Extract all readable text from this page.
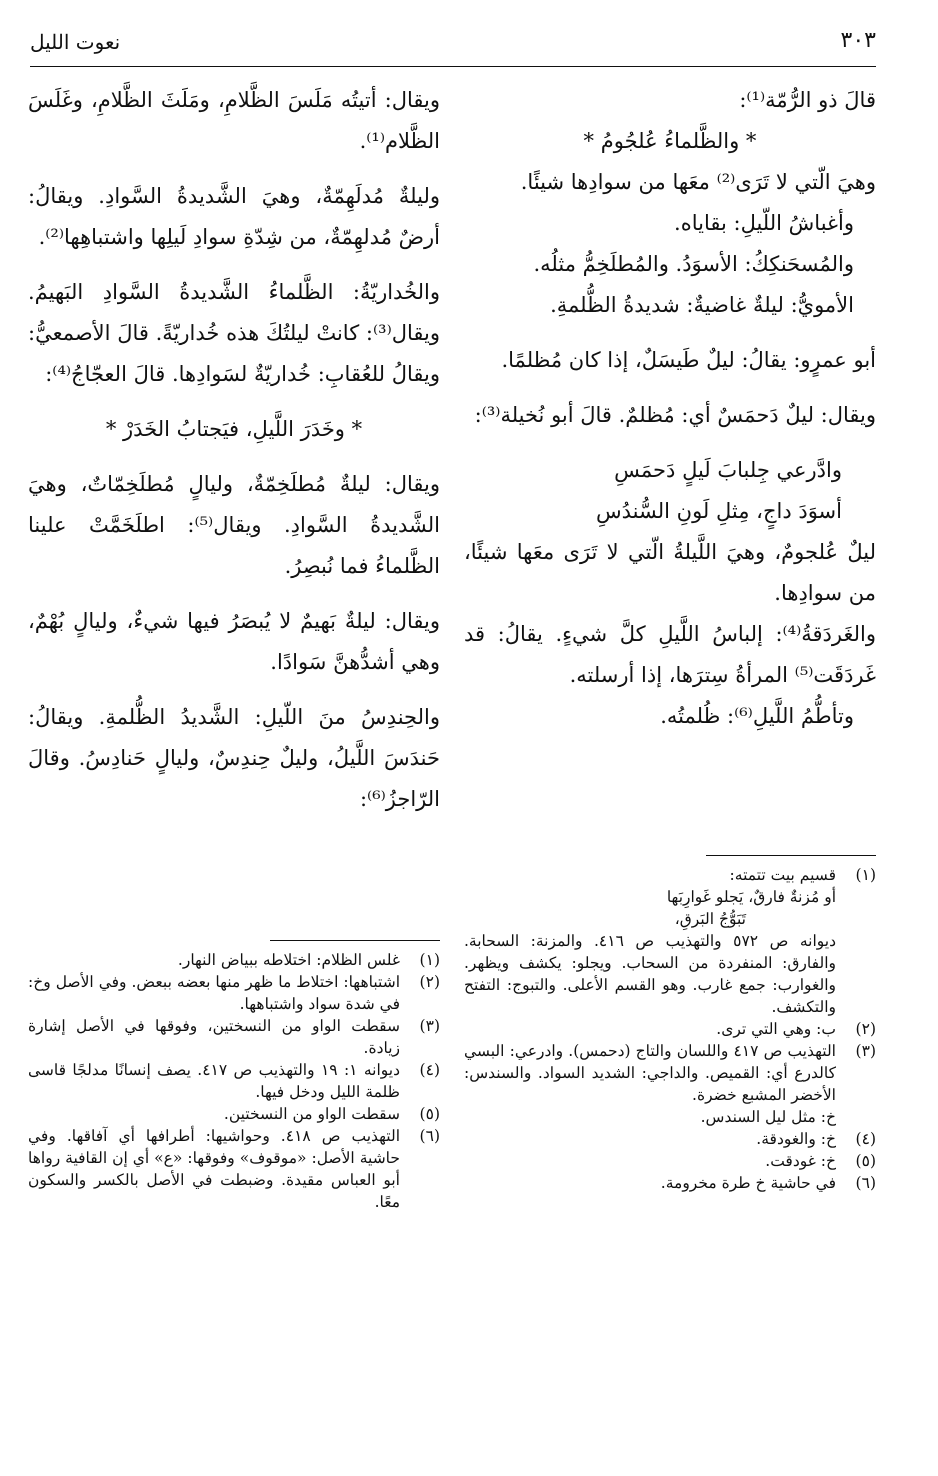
٣٠٣
نعوت الليل

قالَ ذو الرُّمّة⁽¹⁾:

* والظَّلماءُ عُلجُومُ *

وهيَ الّتي لا تَرَى⁽²⁾ معَها من سوادِها شيئًا.

وأغباشُ اللّيلِ: بقاياه.

والمُسحَنكِكُ: الأسوَدُ. والمُطلَخِمُّ مثلُه.

الأمويُّ: ليلةٌ غاضيةٌ: شديدةُ الظُّلمةِ.

أبو عمرٍو: يقالُ: ليلٌ طَيسَلٌ، إذا كان مُظلمًا.

ويقال: ليلٌ دَحمَسٌ أي: مُظلمٌ. قالَ أبو نُخيلة⁽³⁾:

وادَّرعي جِلبابَ لَيلٍ دَحمَسِ

أسوَدَ داجٍ، مِثلِ لَونِ السُّندُسِ

ليلٌ عُلجومٌ، وهيَ اللَّيلةُ الّتي لا تَرَى معَها شيئًا، من سوادِها.

والغَردَقةُ⁽⁴⁾: إلباسُ اللَّيلِ كلَّ شيءٍ. يقالُ: قد غَردَقَت⁽⁵⁾ المرأةُ سِترَها، إذا أرسلته.

وتأطُّمُ اللَّيلِ⁽⁶⁾: ظُلمتُه.

ويقال: أتيتُه مَلَسَ الظَّلامِ، ومَلَثَ الظَّلامِ، وغَلَسَ الظَّلام⁽¹⁾.

وليلةٌ مُدلَهِمّةٌ، وهيَ الشَّديدةُ السَّوادِ. ويقالُ: أرضٌ مُدلهِمّةٌ، من شِدّةِ سوادِ لَيلِها واشتباهِها⁽²⁾.

والخُداريّةُ: الظَّلماءُ الشَّديدةُ السَّوادِ البَهيمُ. ويقال⁽³⁾: كانتْ ليلتُكَ هذه خُداريّةً. قالَ الأصمعيُّ: ويقالُ للعُقابِ: خُداريّةٌ لسَوادِها. قالَ العجّاجُ⁽⁴⁾:

* وخَدَرَ اللَّيلِ، فيَجتابُ الخَدَرْ *

ويقال: ليلةٌ مُطلَخِمّةٌ، وليالٍ مُطلَخِمّاتٌ، وهيَ الشَّديدةُ السَّوادِ. ويقال⁽⁵⁾: اطلَخَمَّتْ علينا الظَّلماءُ فما نُبصِرُ.

ويقال: ليلةٌ بَهيمٌ لا يُبصَرُ فيها شيءٌ، وليالٍ بُهْمٌ، وهي أشدُّهنَّ سَوادًا.

والحِندِسُ منَ اللّيلِ: الشَّديدُ الظُّلمةِ. ويقالُ: حَندَسَ اللَّيلُ، وليلٌ حِندِسٌ، وليالٍ حَنادِسُ. وقالَ الرّاجزُ⁽⁶⁾:

(١)
قسيم بيت تتمته:

أو مُزنةٌ فارقٌ، يَجلو غَوارِبَها

تَبَوُّجُ البَرقِ،

ديوانه ص ٥٧٢ والتهذيب ص ٤١٦. والمزنة: السحابة. والفارق: المنفردة من السحاب. ويجلو: يكشف ويظهر. والغوارب: جمع غارب. وهو القسم الأعلى. والتبوج: التفتح والتكشف.

(٢)
ب: وهي التي ترى.
(٣)
التهذيب ص ٤١٧ واللسان والتاج (دحمس). وادرعي: البسي كالدرع أي: القميص. والداجي: الشديد السواد. والسندس: الأخضر المشبع خضرة.

خ: مثل ليل السندس.

(٤)
خ: والغودقة.
(٥)
خ: غودقت.
(٦)
في حاشية خ طرة مخرومة.
(١)
غلس الظلام: اختلاطه ببياض النهار.
(٢)
اشتباهها: اختلاط ما ظهر منها بعضه ببعض. وفي الأصل وخ: في شدة سواد واشتباهها.
(٣)
سقطت الواو من النسختين، وفوقها في الأصل إشارة زيادة.
(٤)
ديوانه ١: ١٩ والتهذيب ص ٤١٧. يصف إنسانًا مدلجًا قاسى ظلمة الليل ودخل فيها.
(٥)
سقطت الواو من النسختين.
(٦)
التهذيب ص ٤١٨. وحواشيها: أطرافها أي آفاقها. وفي حاشية الأصل: «موقوف» وفوقها: «ع» أي إن القافية رواها أبو العباس مقيدة. وضبطت في الأصل بالكسر والسكون معًا.
